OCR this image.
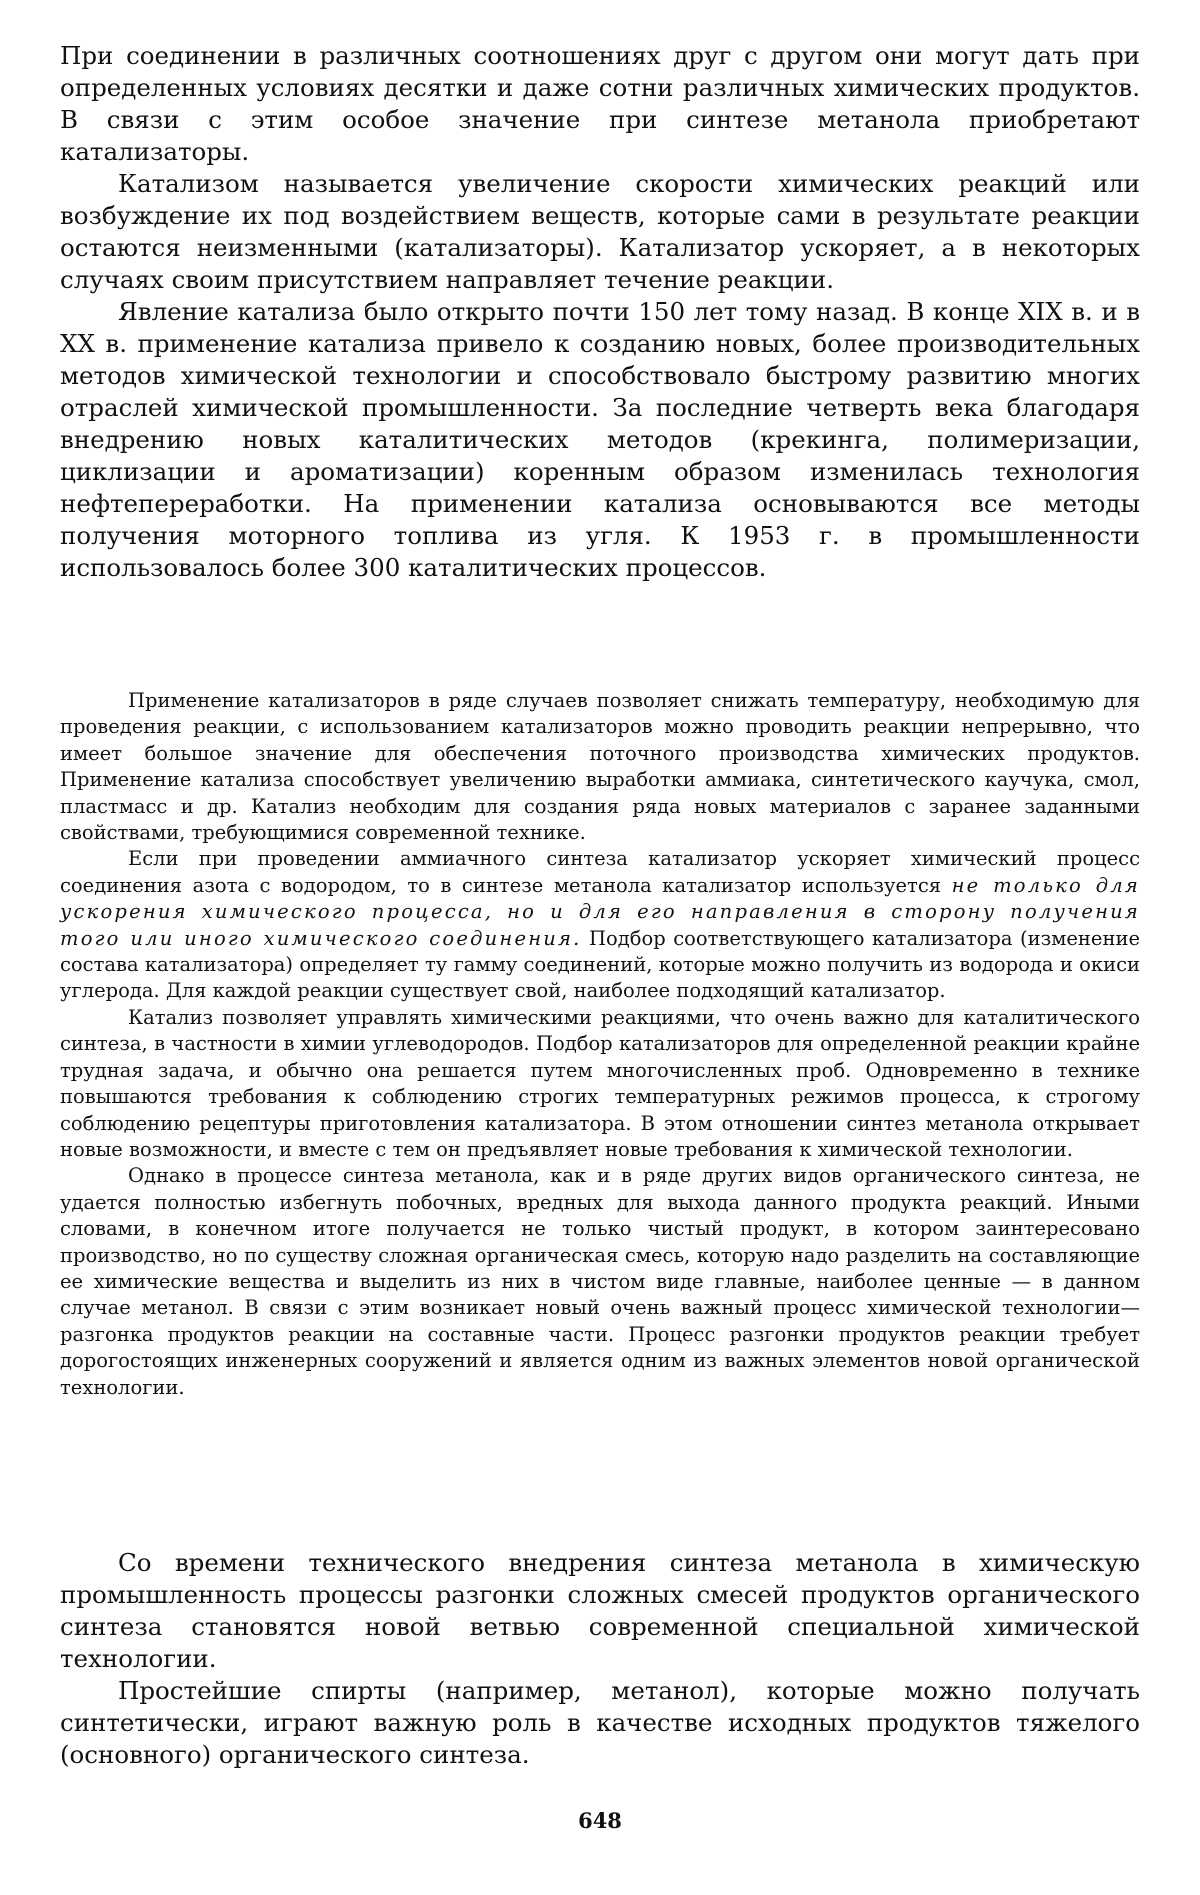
При соединении в различных соотношениях друг с другом они могут дать при определенных условиях десятки и даже сотни различных химических продуктов. В связи с этим особое значение при синтезе метанола приобретают катализаторы.

Катализом называется увеличение скорости химических реакций или возбуждение их под воздействием веществ, которые сами в результате реакции остаются неизменными (катализаторы). Катализатор ускоряет, а в некоторых случаях своим присутствием направляет течение реакции.

Явление катализа было открыто почти 150 лет тому назад. В конце XIX в. и в XX в. применение катализа привело к созданию новых, более производительных методов химической технологии и способствовало быстрому развитию многих отраслей химической промышленности. За последние четверть века благодаря внедрению новых каталитических методов (крекинга, полимеризации, циклизации и ароматизации) коренным образом изменилась технология нефтепереработки. На применении катализа основываются все методы получения моторного топлива из угля. К 1953 г. в промышленности использовалось более 300 каталитических процессов.

Применение катализаторов в ряде случаев позволяет снижать температуру, необходимую для проведения реакции, с использованием катализаторов можно проводить реакции непрерывно, что имеет большое значение для обеспечения поточного производства химических продуктов. Применение катализа способствует увеличению выработки аммиака, синтетического каучука, смол, пластмасс и др. Катализ необходим для создания ряда новых материалов с заранее заданными свойствами, требующимися современной технике.

Если при проведении аммиачного синтеза катализатор ускоряет химический процесс соединения азота с водородом, то в синтезе метанола катализатор используется не только для ускорения химического процесса, но и для его направления в сторону получения того или иного химического соединения. Подбор соответствующего катализатора (изменение состава катализатора) определяет ту гамму соединений, которые можно получить из водорода и окиси углерода. Для каждой реакции существует свой, наиболее подходящий катализатор.

Катализ позволяет управлять химическими реакциями, что очень важно для каталитического синтеза, в частности в химии углеводородов. Подбор катализаторов для определенной реакции крайне трудная задача, и обычно она решается путем многочисленных проб. Одновременно в технике повышаются требования к соблюдению строгих температурных режимов процесса, к строгому соблюдению рецептуры приготовления катализатора. В этом отношении синтез метанола открывает новые возможности, и вместе с тем он предъявляет новые требования к химической технологии.

Однако в процессе синтеза метанола, как и в ряде других видов органического синтеза, не удается полностью избегнуть побочных, вредных для выхода данного продукта реакций. Иными словами, в конечном итоге получается не только чистый продукт, в котором заинтересовано производство, но по существу сложная органическая смесь, которую надо разделить на составляющие ее химические вещества и выделить из них в чистом виде главные, наиболее ценные — в данном случае метанол. В связи с этим возникает новый очень важный процесс химической технологии—разгонка продуктов реакции на составные части. Процесс разгонки продуктов реакции требует дорогостоящих инженерных сооружений и является одним из важных элементов новой органической технологии.

Со времени технического внедрения синтеза метанола в химическую промышленность процессы разгонки сложных смесей продуктов органического синтеза становятся новой ветвью современной специальной химической технологии.

Простейшие спирты (например, метанол), которые можно получать синтетически, играют важную роль в качестве исходных продуктов тяжелого (основного) органического синтеза.

648
